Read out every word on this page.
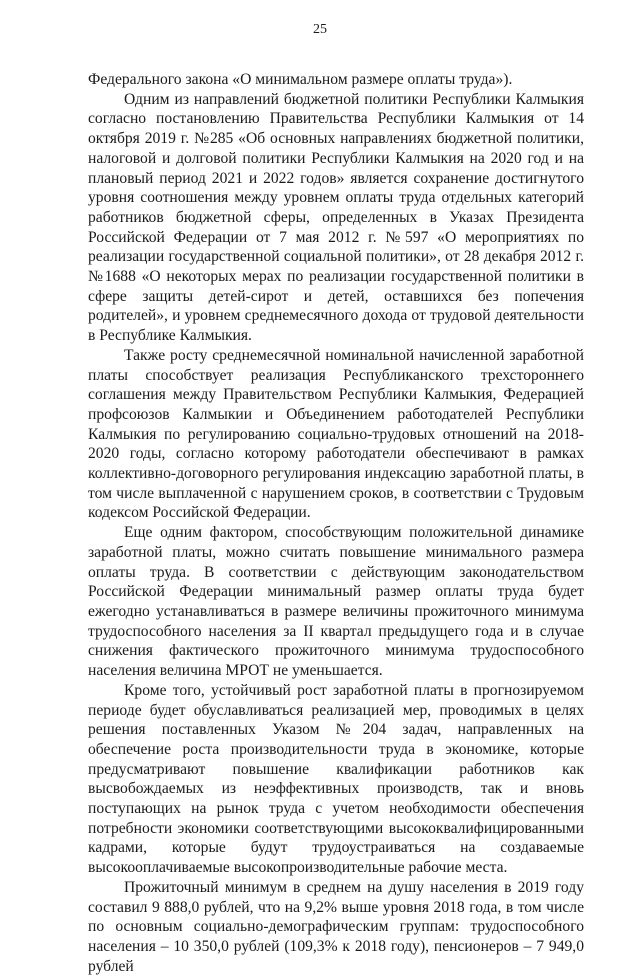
25

Федерального закона «О минимальном размере оплаты труда»).

Одним из направлений бюджетной политики Республики Калмыкия согласно постановлению Правительства Республики Калмыкия от 14 октября 2019 г. №285 «Об основных направлениях бюджетной политики, налоговой и долговой политики Республики Калмыкия на 2020 год и на плановый период 2021 и 2022 годов» является сохранение достигнутого уровня соотношения между уровнем оплаты труда отдельных категорий работников бюджетной сферы, определенных в Указах Президента Российской Федерации от 7 мая 2012 г. №597 «О мероприятиях по реализации государственной социальной политики», от 28 декабря 2012 г. №1688 «О некоторых мерах по реализации государственной политики в сфере защиты детей-сирот и детей, оставшихся без попечения родителей», и уровнем среднемесячного дохода от трудовой деятельности в Республике Калмыкия.

Также росту среднемесячной номинальной начисленной заработной платы способствует реализация Республиканского трехстороннего соглашения между Правительством Республики Калмыкия, Федерацией профсоюзов Калмыкии и Объединением работодателей Республики Калмыкия по регулированию социально-трудовых отношений на 2018-2020 годы, согласно которому работодатели обеспечивают в рамках коллективно-договорного регулирования индексацию заработной платы, в том числе выплаченной с нарушением сроков, в соответствии с Трудовым кодексом Российской Федерации.

Еще одним фактором, способствующим положительной динамике заработной платы, можно считать повышение минимального размера оплаты труда. В соответствии с действующим законодательством Российской Федерации минимальный размер оплаты труда будет ежегодно устанавливаться в размере величины прожиточного минимума трудоспособного населения за II квартал предыдущего года и в случае снижения фактического прожиточного минимума трудоспособного населения величина МРОТ не уменьшается.

Кроме того, устойчивый рост заработной платы в прогнозируемом периоде будет обуславливаться реализацией мер, проводимых в целях решения поставленных Указом №204 задач, направленных на обеспечение роста производительности труда в экономике, которые предусматривают повышение квалификации работников как высвобождаемых из неэффективных производств, так и вновь поступающих на рынок труда с учетом необходимости обеспечения потребности экономики соответствующими высококвалифицированными кадрами, которые будут трудоустраиваться на создаваемые высокооплачиваемые высокопроизводительные рабочие места.

Прожиточный минимум в среднем на душу населения в 2019 году составил 9 888,0 рублей, что на 9,2% выше уровня 2018 года, в том числе по основным социально-демографическим группам: трудоспособного населения – 10 350,0 рублей (109,3% к 2018 году), пенсионеров – 7 949,0 рублей
